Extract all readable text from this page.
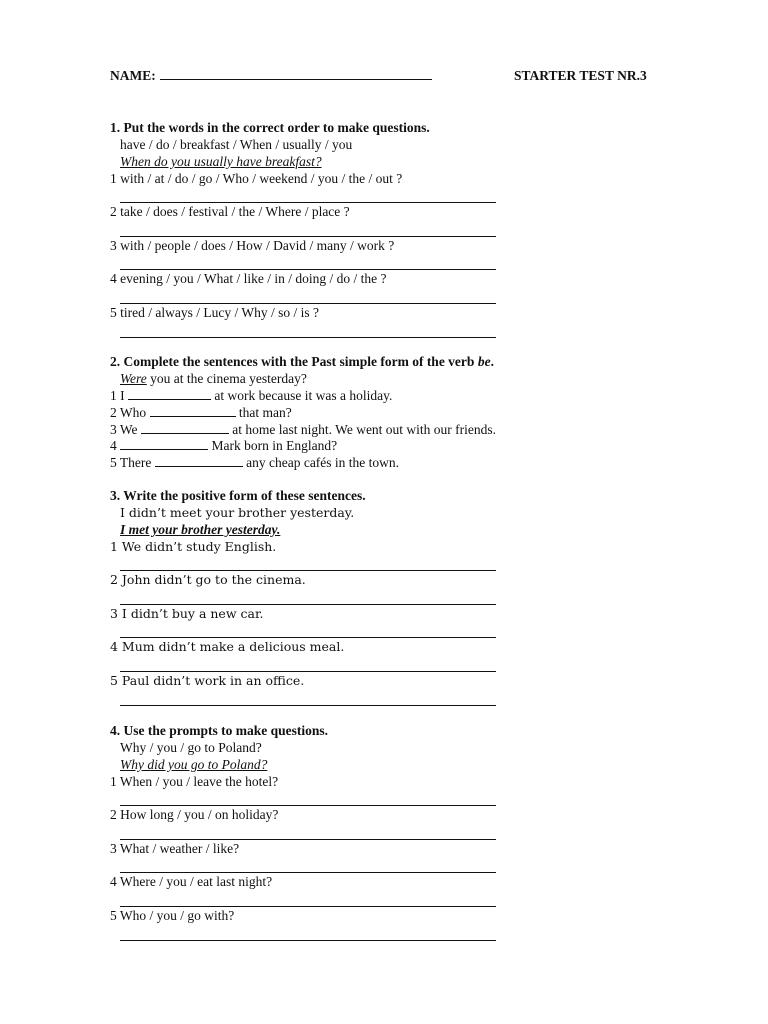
NAME:	STARTER TEST NR.3
1. Put the words in the correct order to make questions.
have / do / breakfast / When / usually / you
When do you usually have breakfast?
1 with / at / do / go / Who / weekend / you / the / out ?
2 take / does / festival / the / Where / place ?
3 with / people / does / How / David / many / work ?
4 evening / you / What / like / in / doing / do / the ?
5 tired / always / Lucy / Why / so / is ?
2. Complete the sentences with the Past simple form of the verb be.
Were you at the cinema yesterday?
1 I	at work because it was a holiday.
2 Who	that man?
3 We	at home last night. We went out with our friends.
4	Mark born in England?
5 There	any cheap cafés in the town.
3. Write the positive form of these sentences.
I didn’t meet your brother yesterday.
I met your brother yesterday.
1 We didn’t study English.
2 John didn’t go to the cinema.
3 I didn’t buy a new car.
4 Mum didn’t make a delicious meal.
5 Paul didn’t work in an office.
4. Use the prompts to make questions.
Why / you / go to Poland?
Why did you go to Poland?
1 When / you / leave the hotel?
2 How long / you / on holiday?
3 What / weather / like?
4 Where / you / eat last night?
5 Who / you / go with?
